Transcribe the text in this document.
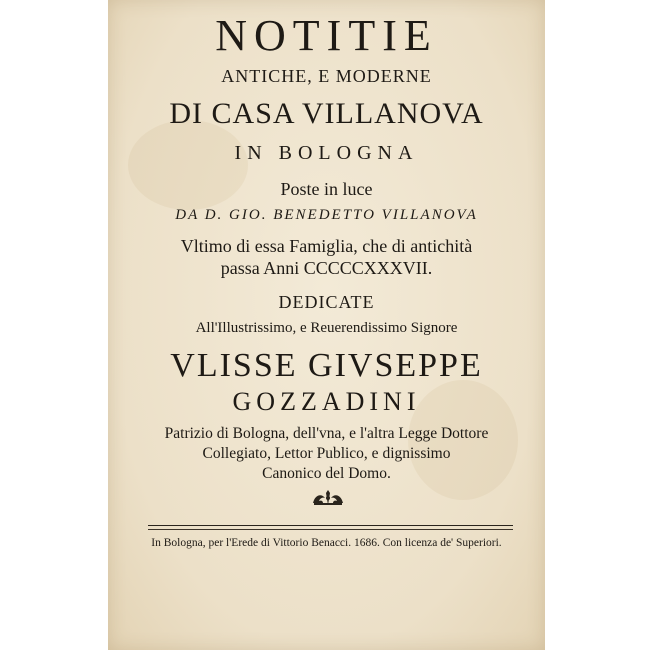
NOTITIE
ANTICHE, E MODERNE
DI CASA VILLANOVA
IN BOLOGNA
Poste in luce
DA D. GIO. BENEDETTO VILLANOVA
Vltimo di essa Famiglia, che di antichità
passa Anni CCCCCXXXVII.
DEDICATE
All'Illustrissimo, e Reuerendissimo Signore
VLISSE GIVSEPPE
GOZZADINI
Patrizio di Bologna, dell'vna, e l'altra Legge Dottore
Collegiato, Lettor Publico, e dignissimo
Canonico del Domo.
In Bologna, per l'Erede di Vittorio Benacci. 1686. Con licenza de' Superiori.
